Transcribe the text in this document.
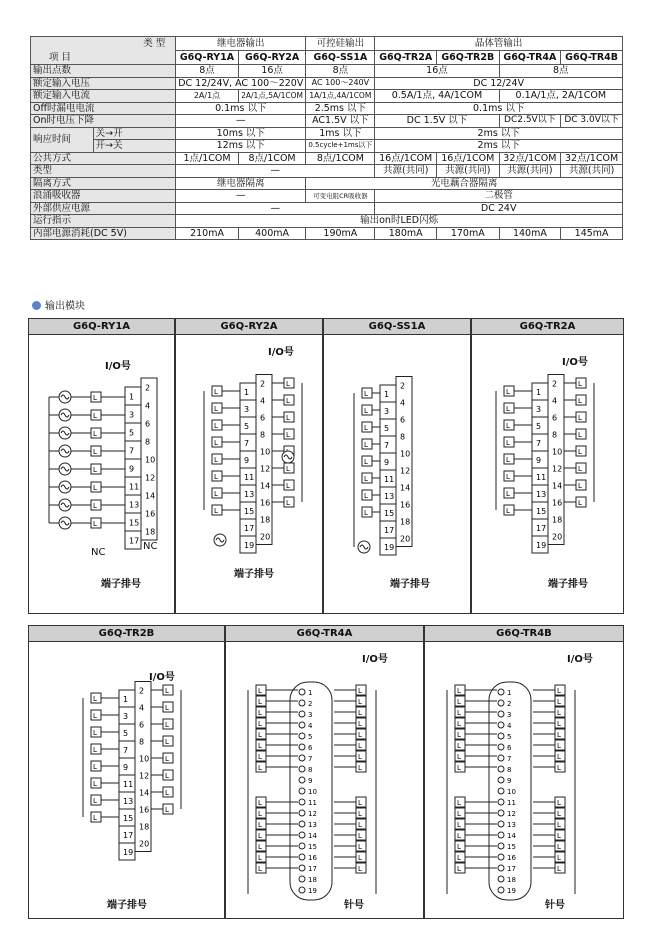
类 型
项 目		继电器输出		可控硅输出	晶体管输出			
		G6Q-RY1A	G6Q-RY2A	G6Q-SS1A	G6Q-TR2A	G6Q-TR2B	G6Q-TR4A	G6Q-TR4B
输出点数		8点	16点	8点	16点		8点	
额定输入电压		DC 12/24V, AC 100～220V		AC 100～240V	DC 12/24V			
额定输入电流		2A/1点	2A/1点,5A/1COM	1A/1点,4A/1COM	0.5A/1点, 4A/1COM		0.1A/1点, 2A/1COM	
Off时漏电电流		0.1ms 以下		2.5ms 以下	0.1ms 以下			
On时电压下降		—		AC1.5V 以下	DC 1.5V 以下		DC2.5V以下	DC 3.0V以下
响应时间	关→开	10ms 以下		1ms 以下	2ms 以下			
	开→关	12ms 以下		0.5cycle+1ms以下	2ms 以下			
公共方式		1点/1COM	8点/1COM	8点/1COM	16点/1COM	16点/1COM	32点/1COM	32点/1COM
类型		—			共源(共同)	共源(共同)	共源(共同)	共源(共同)
隔离方式		继电器隔离		光电藕合器隔离				
浪涌吸收器		—		可变电阻CR吸收器	二极管			
外部供应电源		—			DC 24V			
运行指示		输出on时LED闪烁						
内部电源消耗(DC 5V)		210mA	400mA	190mA	180mA	170mA	140mA	145mA
输出模块
G6Q-RY1A
1
2
3
4
5
6
7
8
9
10
11
12
13
14
15
16
17
18
L
L
L
L
L
L
L
L
I/O号
NC
NC
端子排号
G6Q-RY2A
1
2
3
4
5
6
7
8
9
10
11
12
13
14
15
16
17
18
19
20
L
L
L
L
L
L
L
L
L
L
L
L
L
L
L
I/O号
端子排号
G6Q-SS1A
1
2
3
4
5
6
7
8
9
10
11
12
13
14
15
16
17
18
19
20
L
L
L
L
L
L
L
L
端子排号
G6Q-TR2A
1
2
3
4
5
6
7
8
9
10
11
12
13
14
15
16
17
18
19
20
L
L
L
L
L
L
L
L
L
L
L
L
L
L
L
L
I/O号
端子排号
G6Q-TR2B
1
2
3
4
5
6
7
8
9
10
11
12
13
14
15
16
17
18
19
20
L
L
L
L
L
L
L
L
L
L
L
L
L
L
L
L
I/O号
端子排号
G6Q-TR4A
1
2
3
4
5
6
7
8
9
10
11
12
13
14
15
16
17
18
19
L	L
L	L
L	L
L	L
L	L
L	L
L	L
L	L
L	L
L	L
L	L
L	L
L	L
L	L
L	L
I/O号
针号
G6Q-TR4B
1
2
3
4
5
6
7
8
9
10
11
12
13
14
15
16
17
18
19
L	L
L	L
L	L
L	L
L	L
L	L
L	L
L	L
L	L
L	L
L	L
L	L
L	L
L	L
L	L
I/O号
针号
